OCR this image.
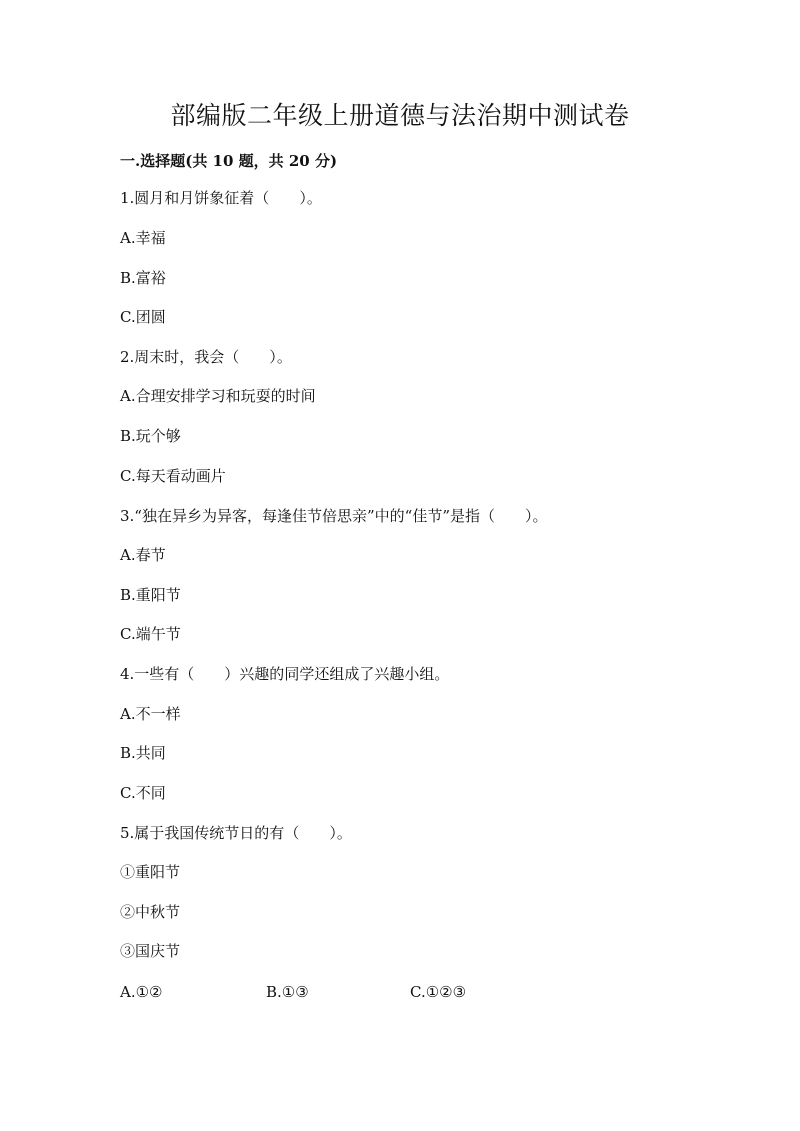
部编版二年级上册道德与法治期中测试卷
一.选择题(共 10 题，共 20 分)
1.圆月和月饼象征着（　　）。
A.幸福
B.富裕
C.团圆
2.周末时，我会（　　）。
A.合理安排学习和玩耍的时间
B.玩个够
C.每天看动画片
3.“独在异乡为异客，每逢佳节倍思亲”中的“佳节”是指（　　）。
A.春节
B.重阳节
C.端午节
4.一些有（　　）兴趣的同学还组成了兴趣小组。
A.不一样
B.共同
C.不同
5.属于我国传统节日的有（　　）。
①重阳节
②中秋节
③国庆节
A.①②	B.①③	C.①②③
